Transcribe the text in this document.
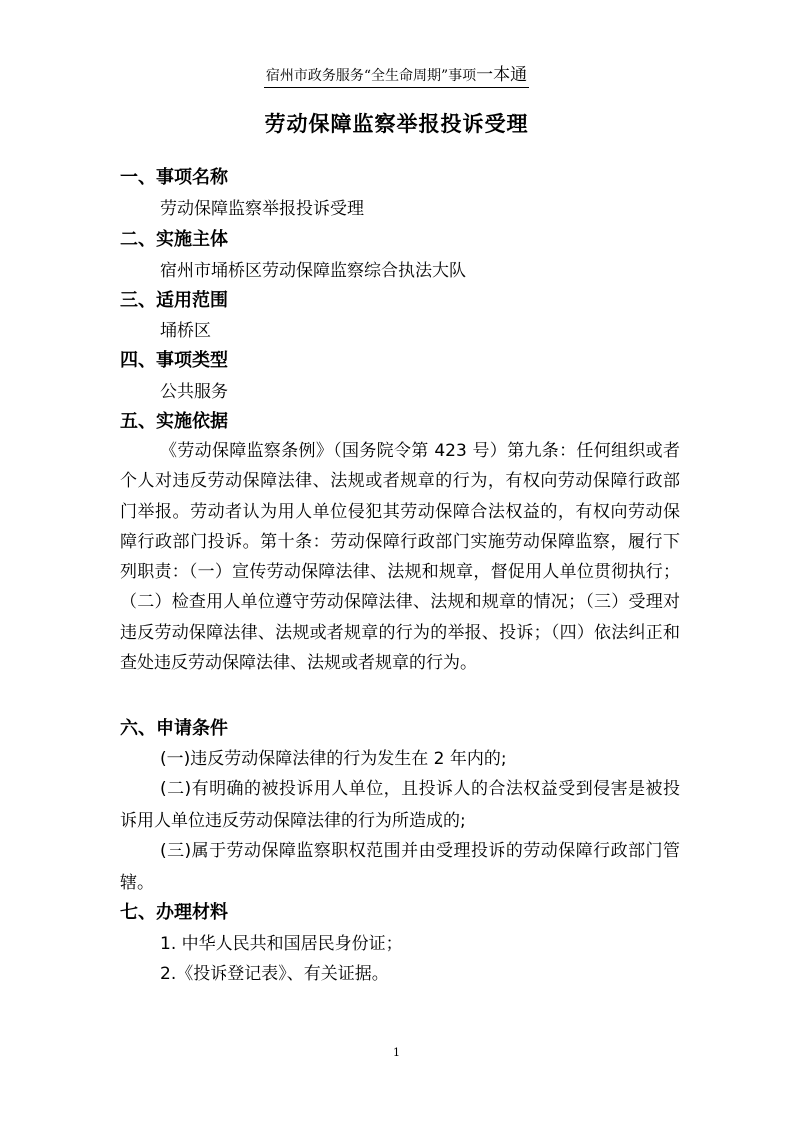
宿州市政务服务“全生命周期”事项一本通
劳动保障监察举报投诉受理
一、事项名称
劳动保障监察举报投诉受理
二、实施主体
宿州市埇桥区劳动保障监察综合执法大队
三、适用范围
埇桥区
四、事项类型
公共服务
五、实施依据
《劳动保障监察条例》（国务院令第 423 号）第九条：任何组织或者个人对违反劳动保障法律、法规或者规章的行为，有权向劳动保障行政部门举报。劳动者认为用人单位侵犯其劳动保障合法权益的，有权向劳动保障行政部门投诉。第十条：劳动保障行政部门实施劳动保障监察，履行下列职责：（一）宣传劳动保障法律、法规和规章，督促用人单位贯彻执行；（二）检查用人单位遵守劳动保障法律、法规和规章的情况；（三）受理对违反劳动保障法律、法规或者规章的行为的举报、投诉；（四）依法纠正和查处违反劳动保障法律、法规或者规章的行为。
六、申请条件
(一)违反劳动保障法律的行为发生在 2 年内的;
(二)有明确的被投诉用人单位，且投诉人的合法权益受到侵害是被投诉用人单位违反劳动保障法律的行为所造成的;
(三)属于劳动保障监察职权范围并由受理投诉的劳动保障行政部门管辖。
七、办理材料
1. 中华人民共和国居民身份证；
2.《投诉登记表》、有关证据。
1
